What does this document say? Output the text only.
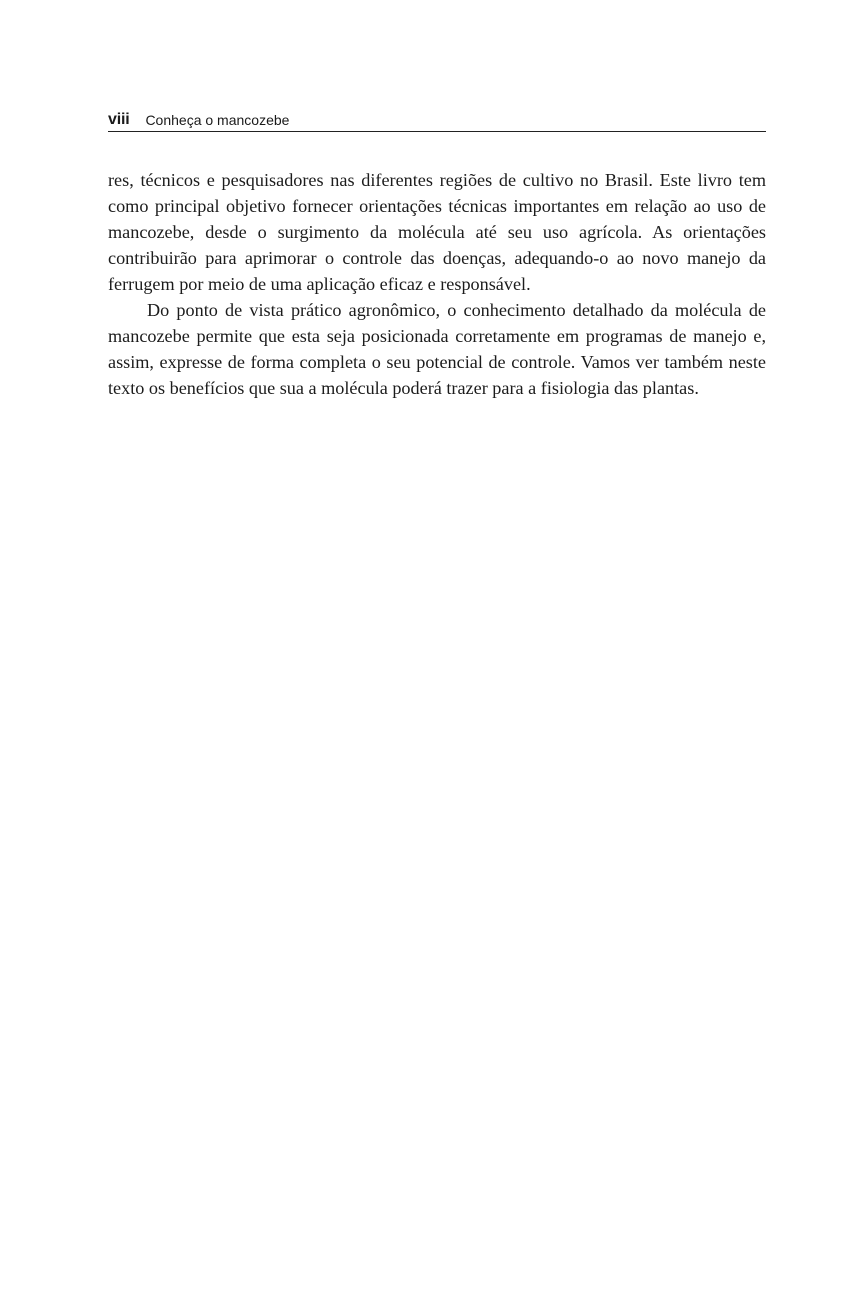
viii Conheça o mancozebe

res, técnicos e pesquisadores nas diferentes regiões de cultivo no Brasil. Este livro tem como principal objetivo fornecer orientações técnicas importantes em relação ao uso de mancozebe, desde o surgimento da molécula até seu uso agrícola. As orientações contribuirão para aprimorar o controle das doenças, adequando-o ao novo manejo da ferrugem por meio de uma aplicação eficaz e responsável.

Do ponto de vista prático agronômico, o conhecimento detalhado da molécula de mancozebe permite que esta seja posicionada corretamente em programas de manejo e, assim, expresse de forma completa o seu potencial de controle. Vamos ver também neste texto os benefícios que sua a molécula poderá trazer para a fisiologia das plantas.
